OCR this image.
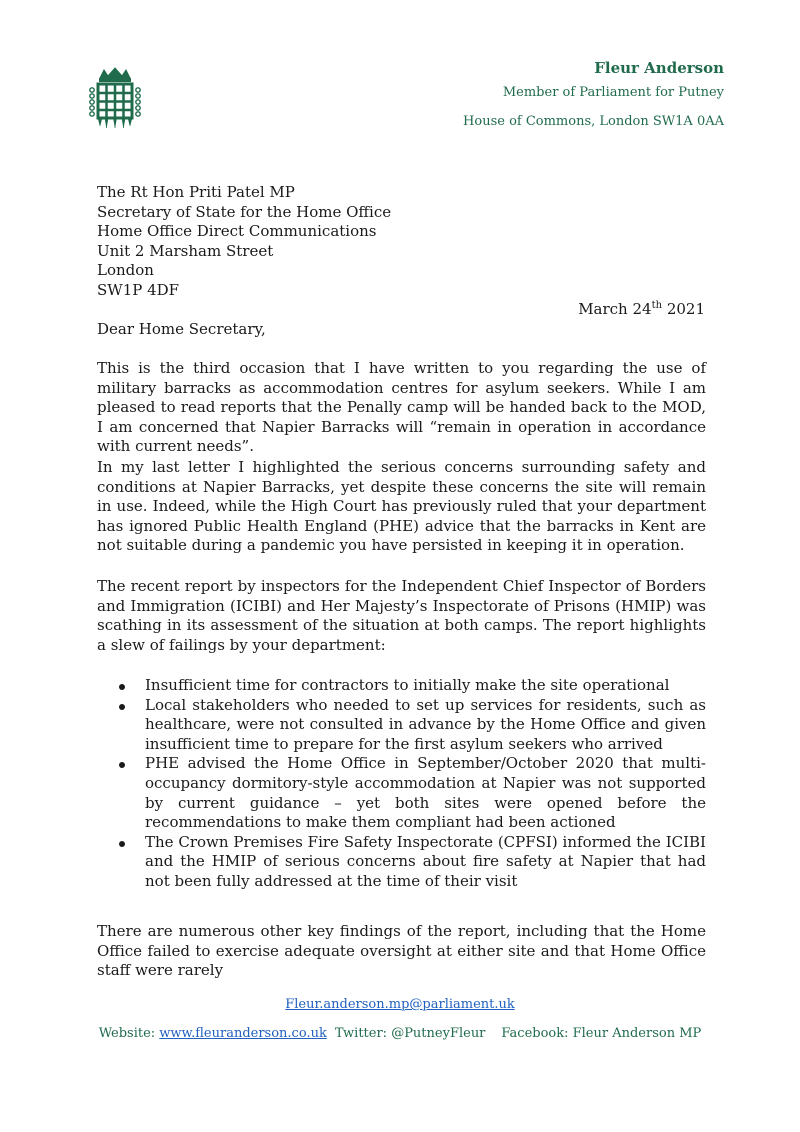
Fleur Anderson
Member of Parliament for Putney
House of Commons, London SW1A 0AA
The Rt Hon Priti Patel MP
Secretary of State for the Home Office
Home Office Direct Communications
Unit 2 Marsham Street
London
SW1P 4DF
March 24th 2021
Dear Home Secretary,

This is the third occasion that I have written to you regarding the use of military barracks as accommodation centres for asylum seekers. While I am pleased to read reports that the Penally camp will be handed back to the MOD, I am concerned that Napier Barracks will “remain in operation in accordance with current needs”.

In my last letter I highlighted the serious concerns surrounding safety and conditions at Napier Barracks, yet despite these concerns the site will remain in use. Indeed, while the High Court has previously ruled that your department has ignored Public Health England (PHE) advice that the barracks in Kent are not suitable during a pandemic you have persisted in keeping it in operation.

The recent report by inspectors for the Independent Chief Inspector of Borders and Immigration (ICIBI) and Her Majesty’s Inspectorate of Prisons (HMIP) was scathing in its assessment of the situation at both camps. The report highlights a slew of failings by your department:

Insufficient time for contractors to initially make the site operational
Local stakeholders who needed to set up services for residents, such as healthcare, were not consulted in advance by the Home Office and given insufficient time to prepare for the first asylum seekers who arrived
PHE advised the Home Office in September/October 2020 that multi-occupancy dormitory-style accommodation at Napier was not supported by current guidance – yet both sites were opened before the recommendations to make them compliant had been actioned
The Crown Premises Fire Safety Inspectorate (CPFSI) informed the ICIBI and the HMIP of serious concerns about fire safety at Napier that had not been fully addressed at the time of their visit

There are numerous other key findings of the report, including that the Home Office failed to exercise adequate oversight at either site and that Home Office staff were rarely

Fleur.anderson.mp@parliament.uk
Website: www.fleuranderson.co.uk Twitter: @PutneyFleur Facebook: Fleur Anderson MP
